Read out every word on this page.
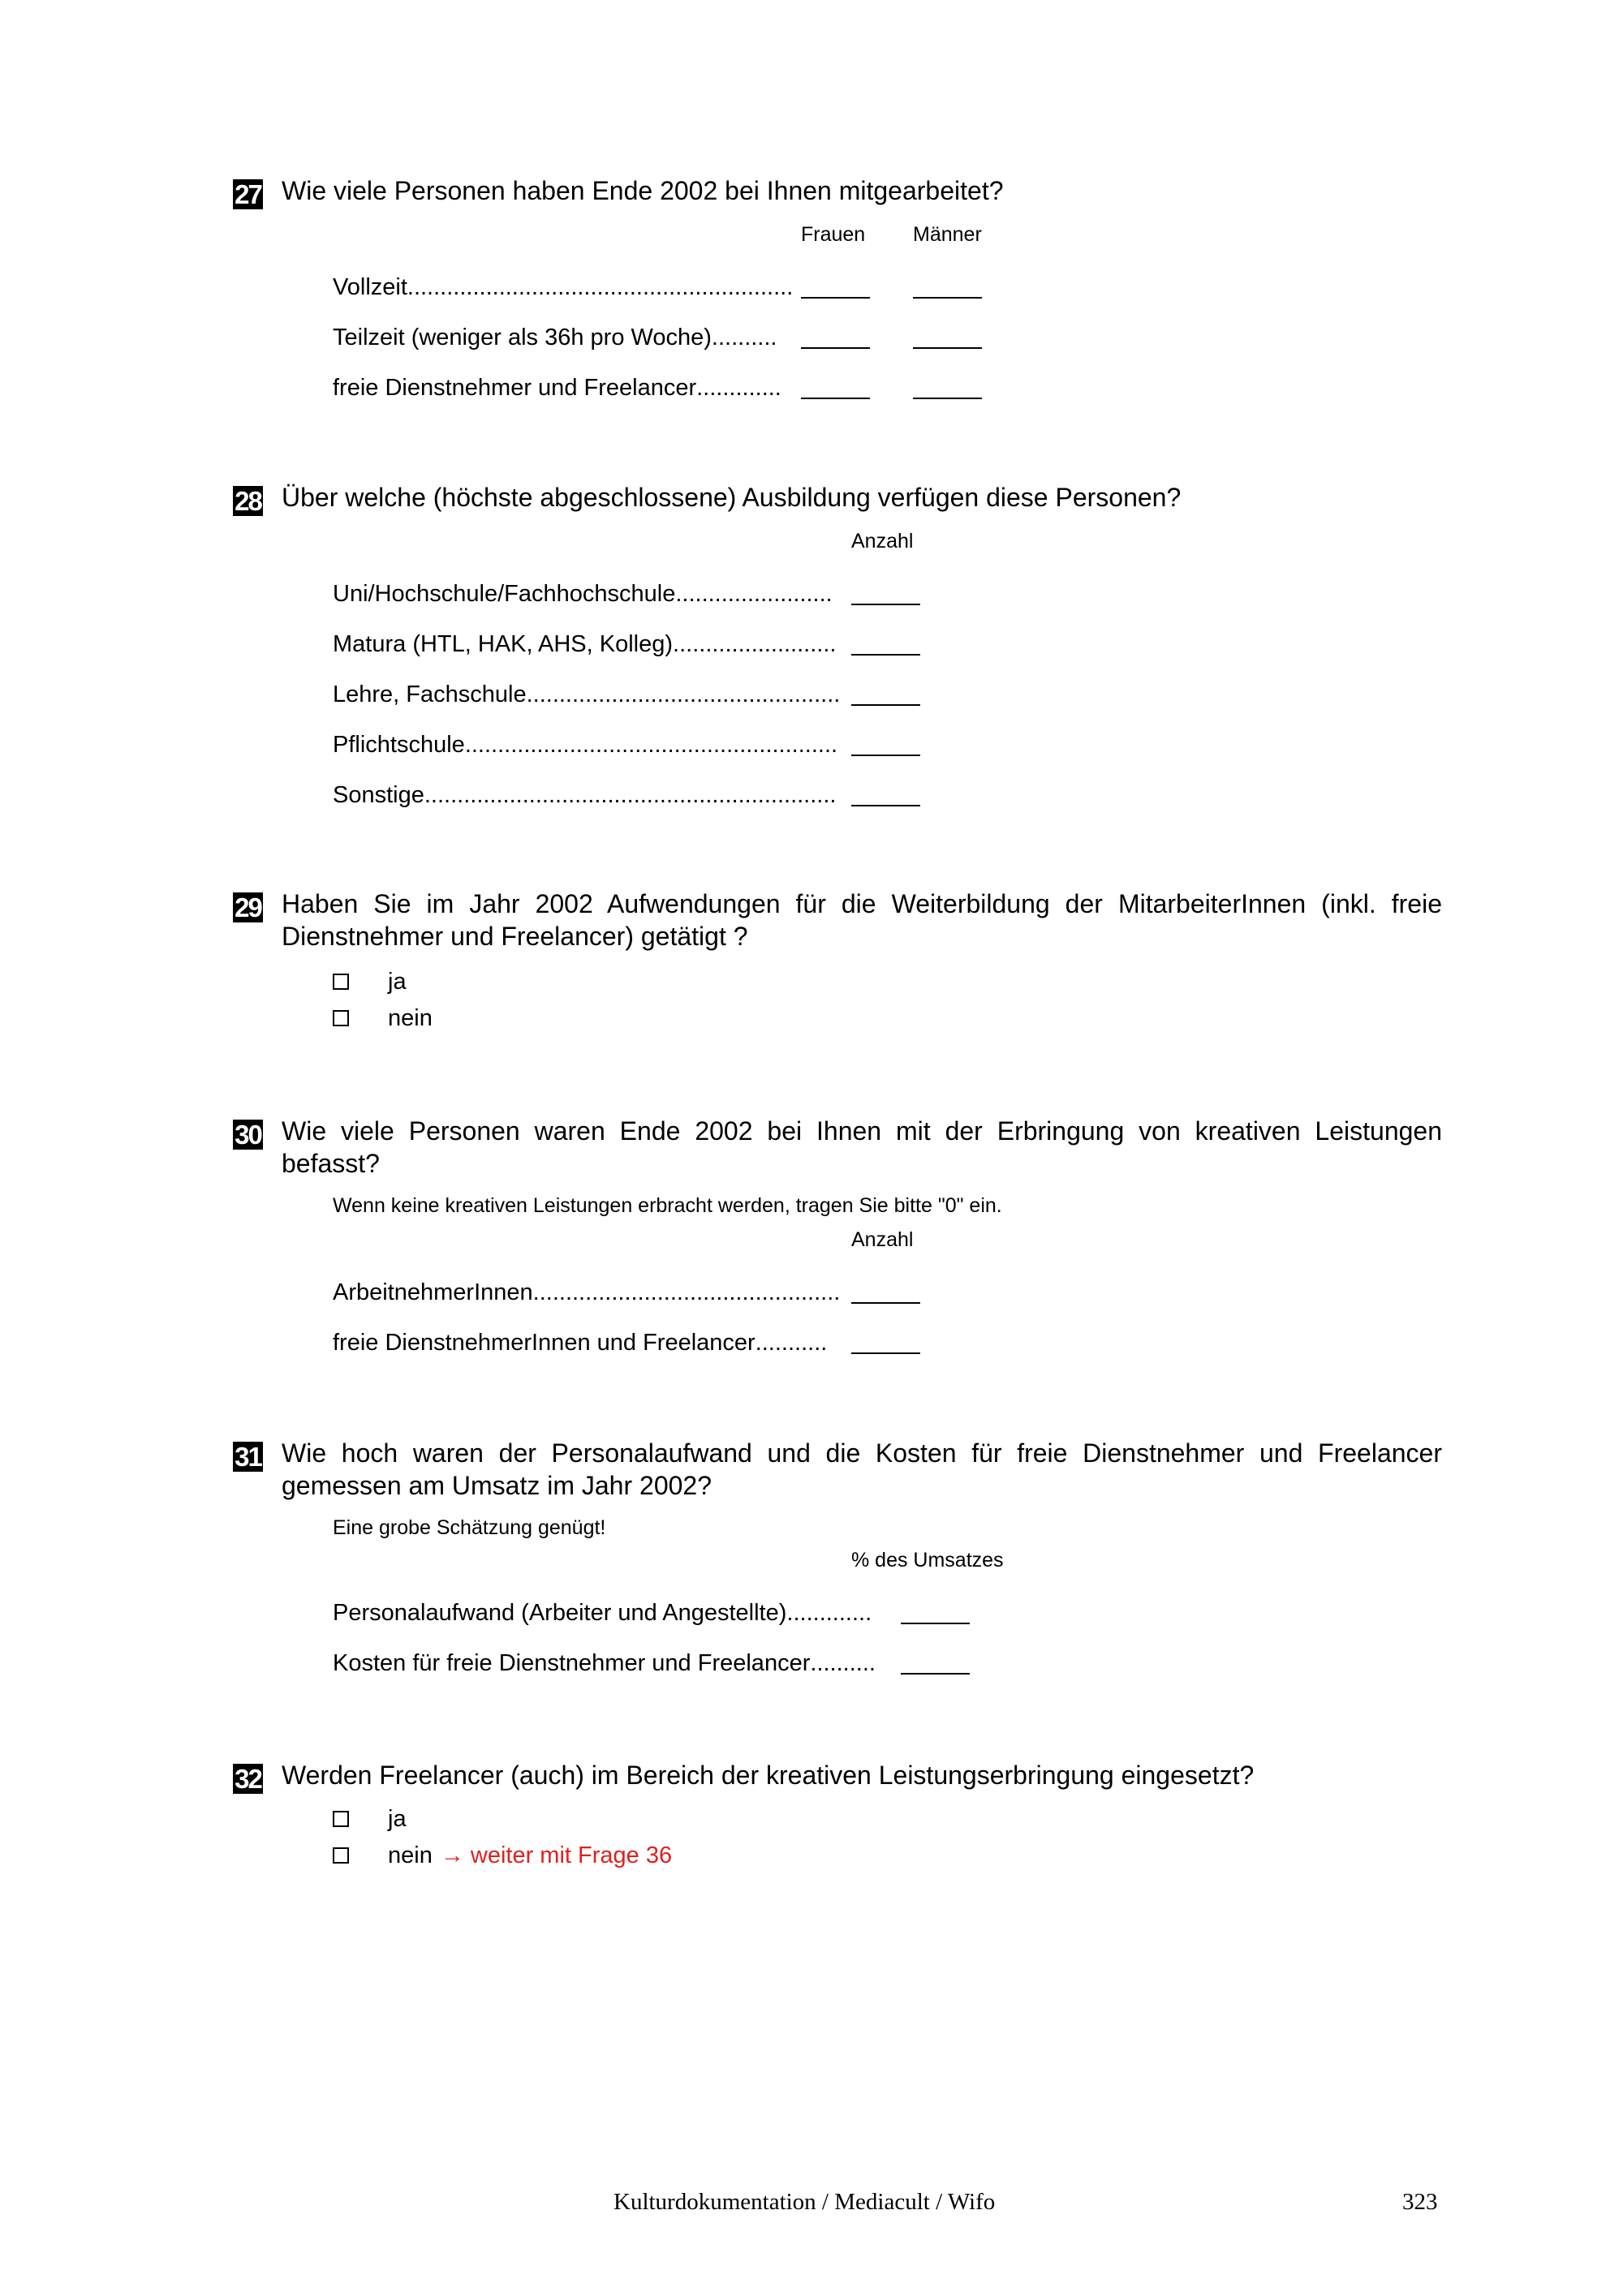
27 Wie viele Personen haben Ende 2002 bei Ihnen mitgearbeitet?
Frauen Männer
Vollzeit ...........................................................
Teilzeit (weniger als 36h pro Woche) ..........
freie Dienstnehmer und Freelancer .............
28 Über welche (höchste abgeschlossene) Ausbildung verfügen diese Personen?
Anzahl
Uni/Hochschule/Fachhochschule ........................
Matura (HTL, HAK, AHS, Kolleg) .........................
Lehre, Fachschule ................................................
Pflichtschule .........................................................
Sonstige. ..............................................................
29 Haben Sie im Jahr 2002 Aufwendungen für die Weiterbildung der MitarbeiterInnen (inkl. freie Dienstnehmer und Freelancer) getätigt ?
ja
nein
30 Wie viele Personen waren Ende 2002 bei Ihnen mit der Erbringung von kreativen Leistungen befasst?
Wenn keine kreativen Leistungen erbracht werden, tragen Sie bitte "0" ein.
Anzahl
ArbeitnehmerInnen ...............................................
freie DienstnehmerInnen und Freelancer ...........
31 Wie hoch waren der Personalaufwand und die Kosten für freie Dienstnehmer und Freelancer gemessen am Umsatz im Jahr 2002?
Eine grobe Schätzung genügt!
% des Umsatzes
Personalaufwand (Arbeiter und Angestellte) .............
Kosten für freie Dienstnehmer und Freelancer ..........
32 Werden Freelancer (auch) im Bereich der kreativen Leistungserbringung eingesetzt?
ja
nein → weiter mit Frage 36
Kulturdokumentation / Mediacult / Wifo	323
